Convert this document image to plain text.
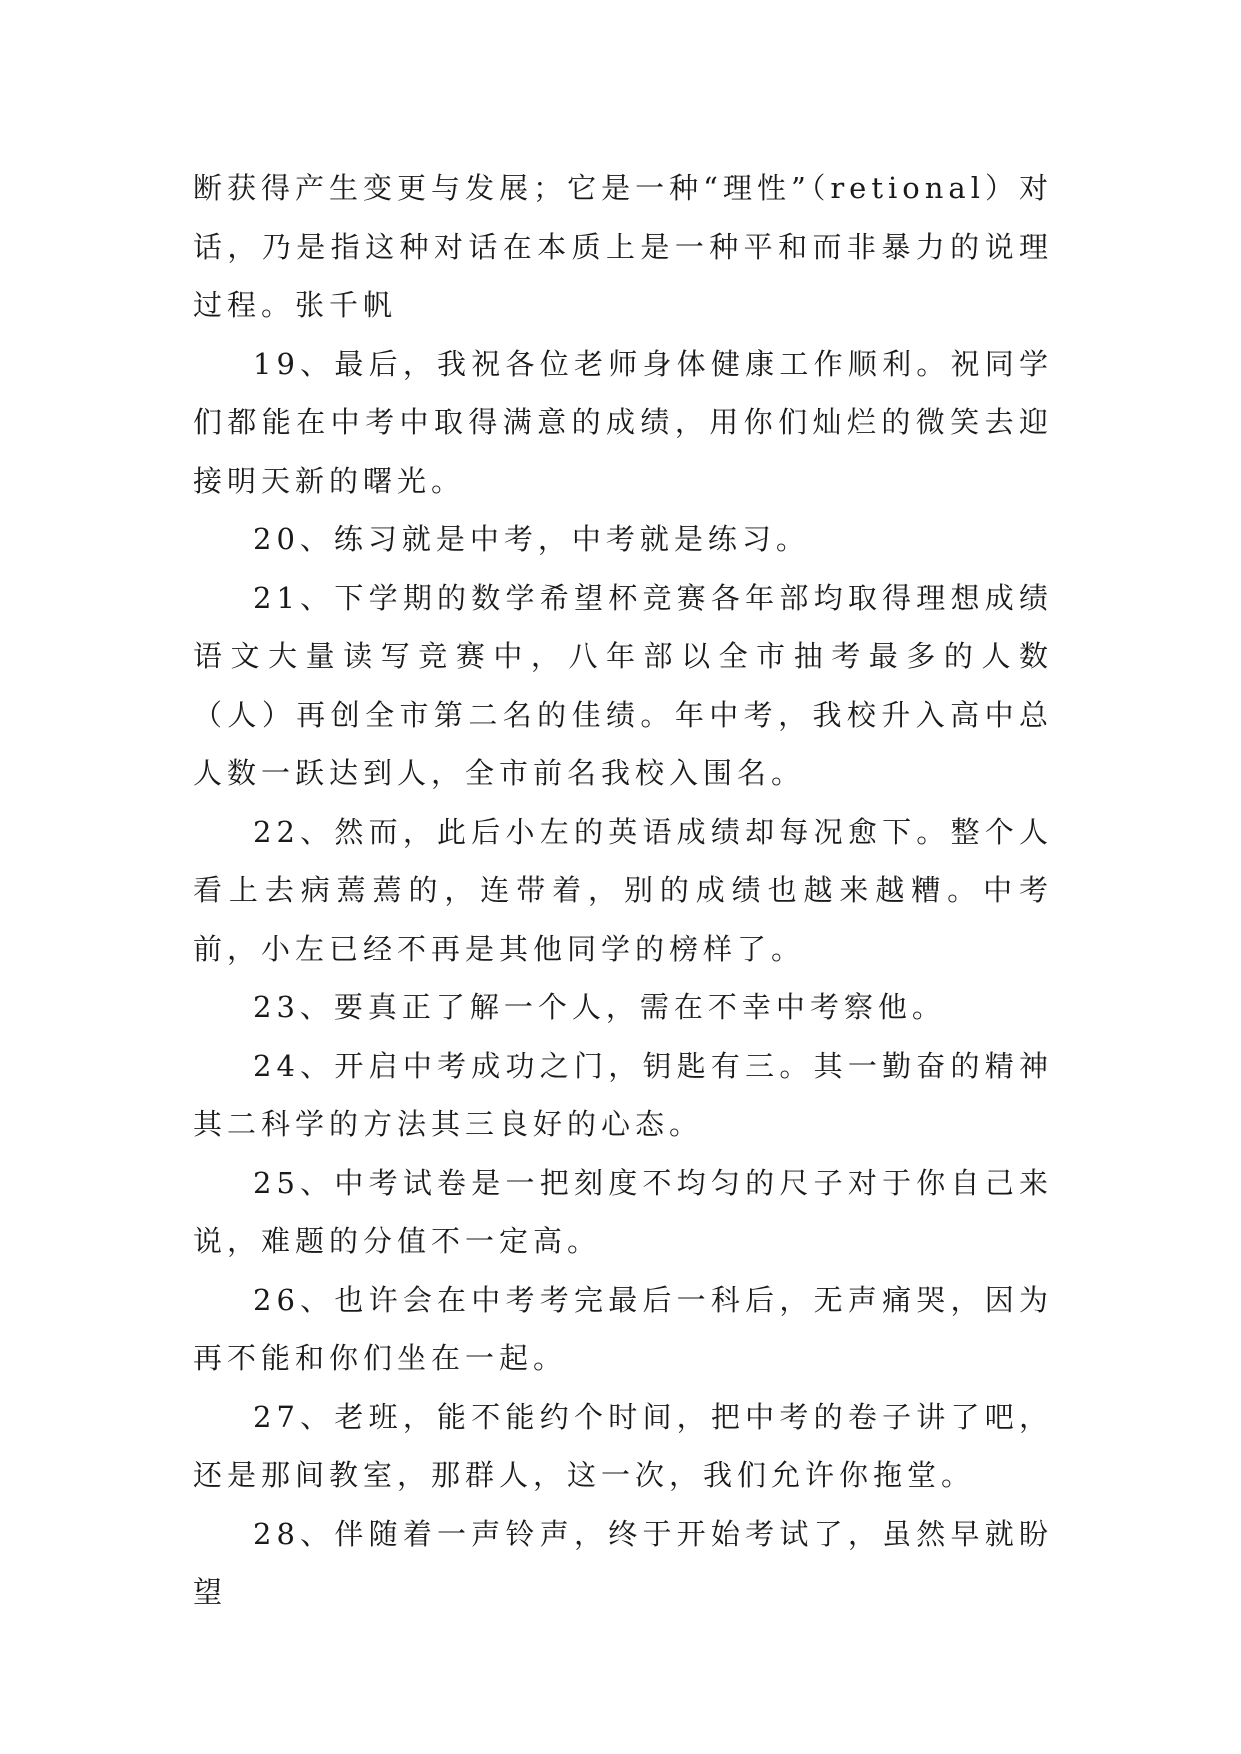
断获得产生变更与发展；它是一种“理性”（retional）对话，乃是指这种对话在本质上是一种平和而非暴力的说理过程。张千帆

19、最后，我祝各位老师身体健康工作顺利。祝同学们都能在中考中取得满意的成绩，用你们灿烂的微笑去迎接明天新的曙光。

20、练习就是中考，中考就是练习。

21、下学期的数学希望杯竞赛各年部均取得理想成绩语文大量读写竞赛中，八年部以全市抽考最多的人数（人）再创全市第二名的佳绩。年中考，我校升入高中总人数一跃达到人，全市前名我校入围名。

22、然而，此后小左的英语成绩却每况愈下。整个人看上去病蔫蔫的，连带着，别的成绩也越来越糟。中考前，小左已经不再是其他同学的榜样了。

23、要真正了解一个人，需在不幸中考察他。

24、开启中考成功之门，钥匙有三。其一勤奋的精神其二科学的方法其三良好的心态。

25、中考试卷是一把刻度不均匀的尺子对于你自己来说，难题的分值不一定高。

26、也许会在中考考完最后一科后，无声痛哭，因为再不能和你们坐在一起。

27、老班，能不能约个时间，把中考的卷子讲了吧，还是那间教室，那群人，这一次，我们允许你拖堂。

28、伴随着一声铃声，终于开始考试了，虽然早就盼望
